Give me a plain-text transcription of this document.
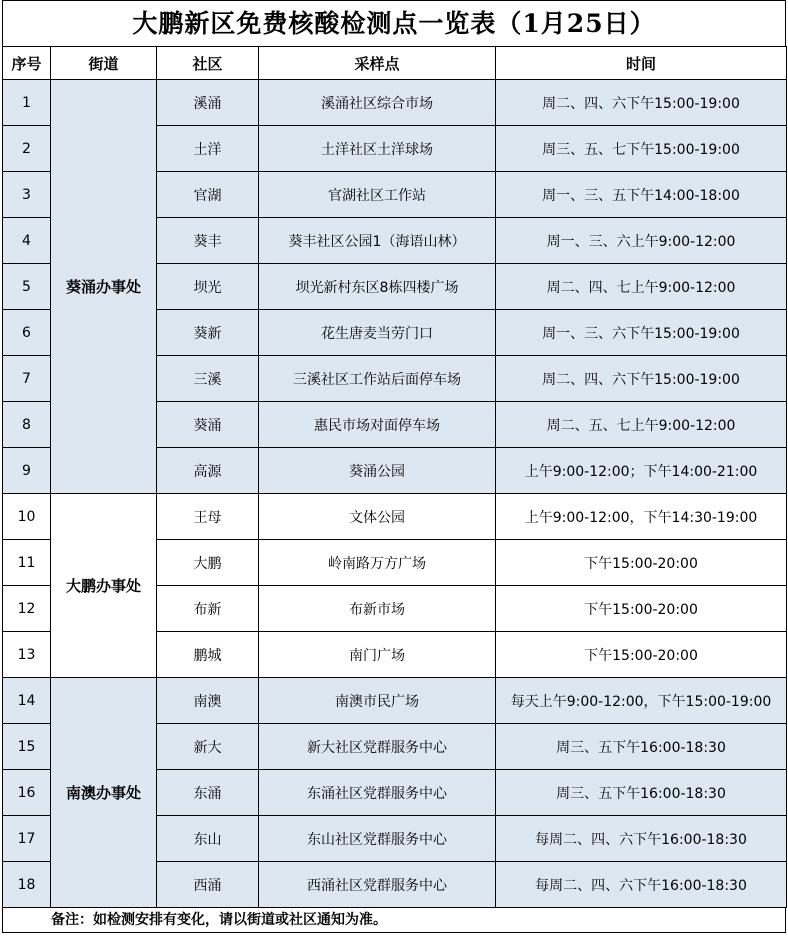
大鹏新区免费核酸检测点一览表（1月25日）
序号	街道	社区	采样点	时间
1	葵涌办事处	溪涌	溪涌社区综合市场	周二、四、六下午15:00-19:00
2		土洋	土洋社区土洋球场	周三、五、七下午15:00-19:00
3		官湖	官湖社区工作站	周一、三、五下午14:00-18:00
4		葵丰	葵丰社区公园1（海语山林）	周一、三、六上午9:00-12:00
5		坝光	坝光新村东区8栋四楼广场	周二、四、七上午9:00-12:00
6		葵新	花生唐麦当劳门口	周一、三、六下午15:00-19:00
7		三溪	三溪社区工作站后面停车场	周二、四、六下午15:00-19:00
8		葵涌	惠民市场对面停车场	周二、五、七上午9:00-12:00
9		高源	葵涌公园	上午9:00-12:00；下午14:00-21:00
10	大鹏办事处	王母	文体公园	上午9:00-12:00，下午14:30-19:00
11		大鹏	岭南路万方广场	下午15:00-20:00
12		布新	布新市场	下午15:00-20:00
13		鹏城	南门广场	下午15:00-20:00
14	南澳办事处	南澳	南澳市民广场	每天上午9:00-12:00，下午15:00-19:00
15		新大	新大社区党群服务中心	周三、五下午16:00-18:30
16		东涌	东涌社区党群服务中心	周三、五下午16:00-18:30
17		东山	东山社区党群服务中心	每周二、四、六下午16:00-18:30
18		西涌	西涌社区党群服务中心	每周二、四、六下午16:00-18:30
备注：如检测安排有变化，请以街道或社区通知为准。
